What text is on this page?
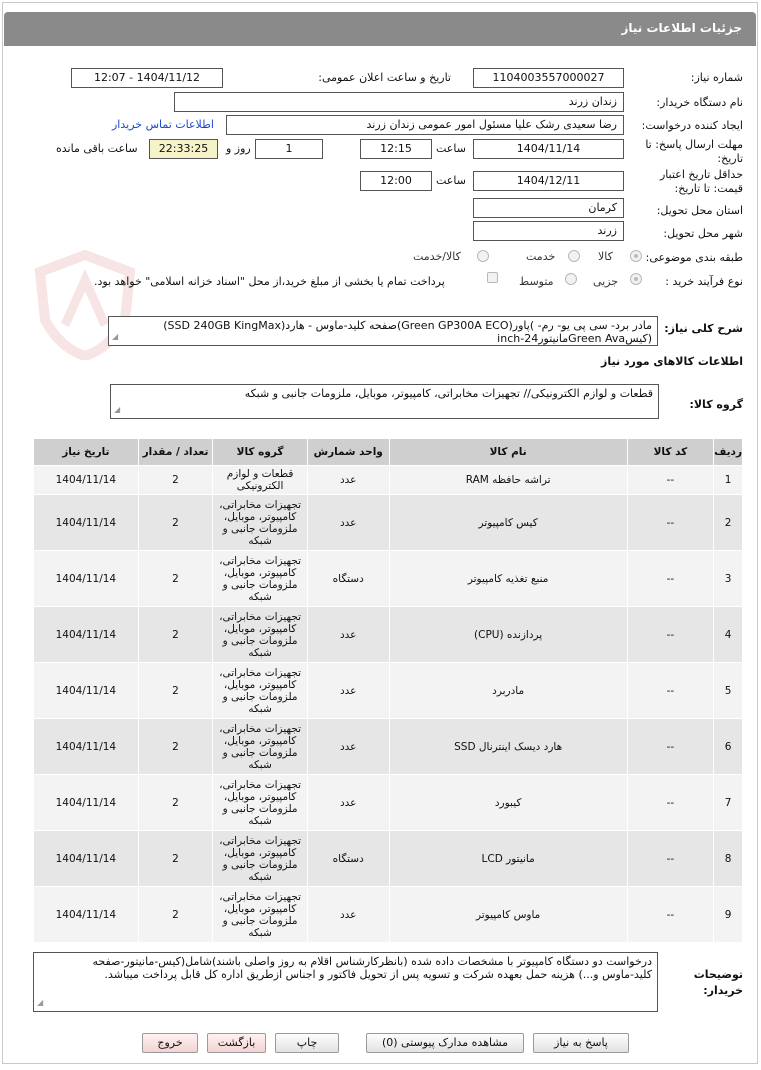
جزئیات اطلاعات نیاز
شماره نیاز:
1104003557000027
تاریخ و ساعت اعلان عمومی:
1404/11/12 - 12:07
نام دستگاه خریدار:
زندان زرند
ایجاد کننده درخواست:
رضا سعیدی رشک علیا مسئول امور عمومی زندان زرند
اطلاعات تماس خریدار
مهلت ارسال پاسخ: تا تاریخ:
1404/11/14
ساعت
12:15
1
روز و
22:33:25
ساعت باقی مانده
حداقل تاریخ اعتبار قیمت: تا تاریخ:
1404/12/11
ساعت
12:00
استان محل تحویل:
کرمان
شهر محل تحویل:
زرند
طبقه بندی موضوعی:
کالا
خدمت
کالا/خدمت
نوع فرآیند خرید :
جزیی
متوسط
پرداخت تمام یا بخشی از مبلغ خرید،از محل "اسناد خزانه اسلامی" خواهد بود.
شرح کلی نیاز:
مادر برد- سی پی یو- رم- )پاور(Green GP300A ECO)صفحه کلید-ماوس - هارد(SSD 240GB KingMax)
(کیسGreen Avaمانیتور24-inch
◢
اطلاعات کالاهای مورد نیاز
گروه کالا:
قطعات و لوازم الکترونیکی// تجهیزات مخابراتی، کامپیوتر، موبایل، ملزومات جانبی و شبکه
◢
ردیف	کد کالا	نام کالا	واحد شمارش	گروه کالا	تعداد / مقدار	تاریخ نیاز
1	--	تراشه حافظه RAM	عدد	قطعات و لوازم الکترونیکی	2	1404/11/14
2	--	کیس کامپیوتر	عدد	تجهیزات مخابراتی، کامپیوتر، موبایل، ملزومات جانبی و شبکه	2	1404/11/14
3	--	منبع تغذیه کامپیوتر	دستگاه	تجهیزات مخابراتی، کامپیوتر، موبایل، ملزومات جانبی و شبکه	2	1404/11/14
4	--	پردازنده (CPU)	عدد	تجهیزات مخابراتی، کامپیوتر، موبایل، ملزومات جانبی و شبکه	2	1404/11/14
5	--	مادربرد	عدد	تجهیزات مخابراتی، کامپیوتر، موبایل، ملزومات جانبی و شبکه	2	1404/11/14
6	--	هارد دیسک اینترنال SSD	عدد	تجهیزات مخابراتی، کامپیوتر، موبایل، ملزومات جانبی و شبکه	2	1404/11/14
7	--	کیبورد	عدد	تجهیزات مخابراتی، کامپیوتر، موبایل، ملزومات جانبی و شبکه	2	1404/11/14
8	--	مانیتور LCD	دستگاه	تجهیزات مخابراتی، کامپیوتر، موبایل، ملزومات جانبی و شبکه	2	1404/11/14
9	--	ماوس کامپیوتر	عدد	تجهیزات مخابراتی، کامپیوتر، موبایل، ملزومات جانبی و شبکه	2	1404/11/14
توضیحات
خریدار:
درخواست دو دستگاه کامپیوتر با مشخصات داده شده (بانظرکارشناس اقلام به روز واصلی باشند)شامل(کیس-مانیتور-صفحه
کلید-ماوس و...) هزینه حمل بعهده شرکت و تسویه پس از تحویل فاکتور و اجناس ازطریق اداره کل قابل پرداخت میباشد.
◢
پاسخ به نیاز
مشاهده مدارک پیوستی (0)
چاپ
بازگشت
خروج
